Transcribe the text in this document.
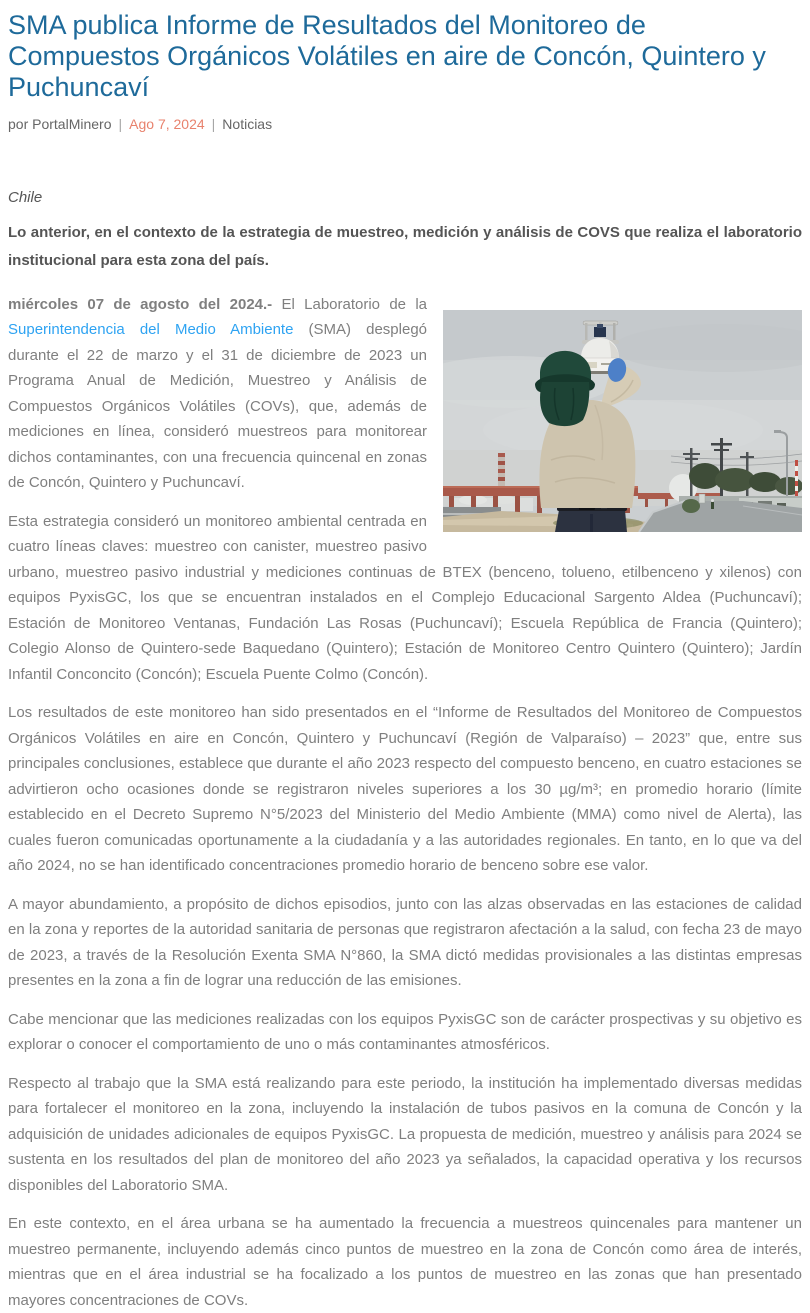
SMA publica Informe de Resultados del Monitoreo de Compuestos Orgánicos Volátiles en aire de Concón, Quintero y Puchuncaví
por PortalMinero | Ago 7, 2024 | Noticias

Chile

Lo anterior, en el contexto de la estrategia de muestreo, medición y análisis de COVS que realiza el laboratorio institucional para esta zona del país.

miércoles 07 de agosto del 2024.- El Laboratorio de la Superintendencia del Medio Ambiente (SMA) desplegó durante el 22 de marzo y el 31 de diciembre de 2023 un Programa Anual de Medición, Muestreo y Análisis de Compuestos Orgánicos Volátiles (COVs), que, además de mediciones en línea, consideró muestreos para monitorear dichos contaminantes, con una frecuencia quincenal en zonas de Concón, Quintero y Puchuncaví.

Esta estrategia consideró un monitoreo ambiental centrada en cuatro líneas claves: muestreo con canister, muestreo pasivo urbano, muestreo pasivo industrial y mediciones continuas de BTEX (benceno, tolueno, etilbenceno y xilenos) con equipos PyxisGC, los que se encuentran instalados en el Complejo Educacional Sargento Aldea (Puchuncaví); Estación de Monitoreo Ventanas, Fundación Las Rosas (Puchuncaví); Escuela República de Francia (Quintero); Colegio Alonso de Quintero-sede Baquedano (Quintero); Estación de Monitoreo Centro Quintero (Quintero); Jardín Infantil Conconcito (Concón); Escuela Puente Colmo (Concón).

Los resultados de este monitoreo han sido presentados en el “Informe de Resultados del Monitoreo de Compuestos Orgánicos Volátiles en aire en Concón, Quintero y Puchuncaví (Región de Valparaíso) – 2023” que, entre sus principales conclusiones, establece que durante el año 2023 respecto del compuesto benceno, en cuatro estaciones se advirtieron ocho ocasiones donde se registraron niveles superiores a los 30 µg/m³; en promedio horario (límite establecido en el Decreto Supremo N°5/2023 del Ministerio del Medio Ambiente (MMA) como nivel de Alerta), las cuales fueron comunicadas oportunamente a la ciudadanía y a las autoridades regionales. En tanto, en lo que va del año 2024, no se han identificado concentraciones promedio horario de benceno sobre ese valor.

A mayor abundamiento, a propósito de dichos episodios, junto con las alzas observadas en las estaciones de calidad en la zona y reportes de la autoridad sanitaria de personas que registraron afectación a la salud, con fecha 23 de mayo de 2023, a través de la Resolución Exenta SMA N°860, la SMA dictó medidas provisionales a las distintas empresas presentes en la zona a fin de lograr una reducción de las emisiones.

Cabe mencionar que las mediciones realizadas con los equipos PyxisGC son de carácter prospectivas y su objetivo es explorar o conocer el comportamiento de uno o más contaminantes atmosféricos.

Respecto al trabajo que la SMA está realizando para este periodo, la institución ha implementado diversas medidas para fortalecer el monitoreo en la zona, incluyendo la instalación de tubos pasivos en la comuna de Concón y la adquisición de unidades adicionales de equipos PyxisGC. La propuesta de medición, muestreo y análisis para 2024 se sustenta en los resultados del plan de monitoreo del año 2023 ya señalados, la capacidad operativa y los recursos disponibles del Laboratorio SMA.

En este contexto, en el área urbana se ha aumentado la frecuencia a muestreos quincenales para mantener un muestreo permanente, incluyendo además cinco puntos de muestreo en la zona de Concón como área de interés, mientras que en el área industrial se ha focalizado a los puntos de muestreo en las zonas que han presentado mayores concentraciones de COVs.
